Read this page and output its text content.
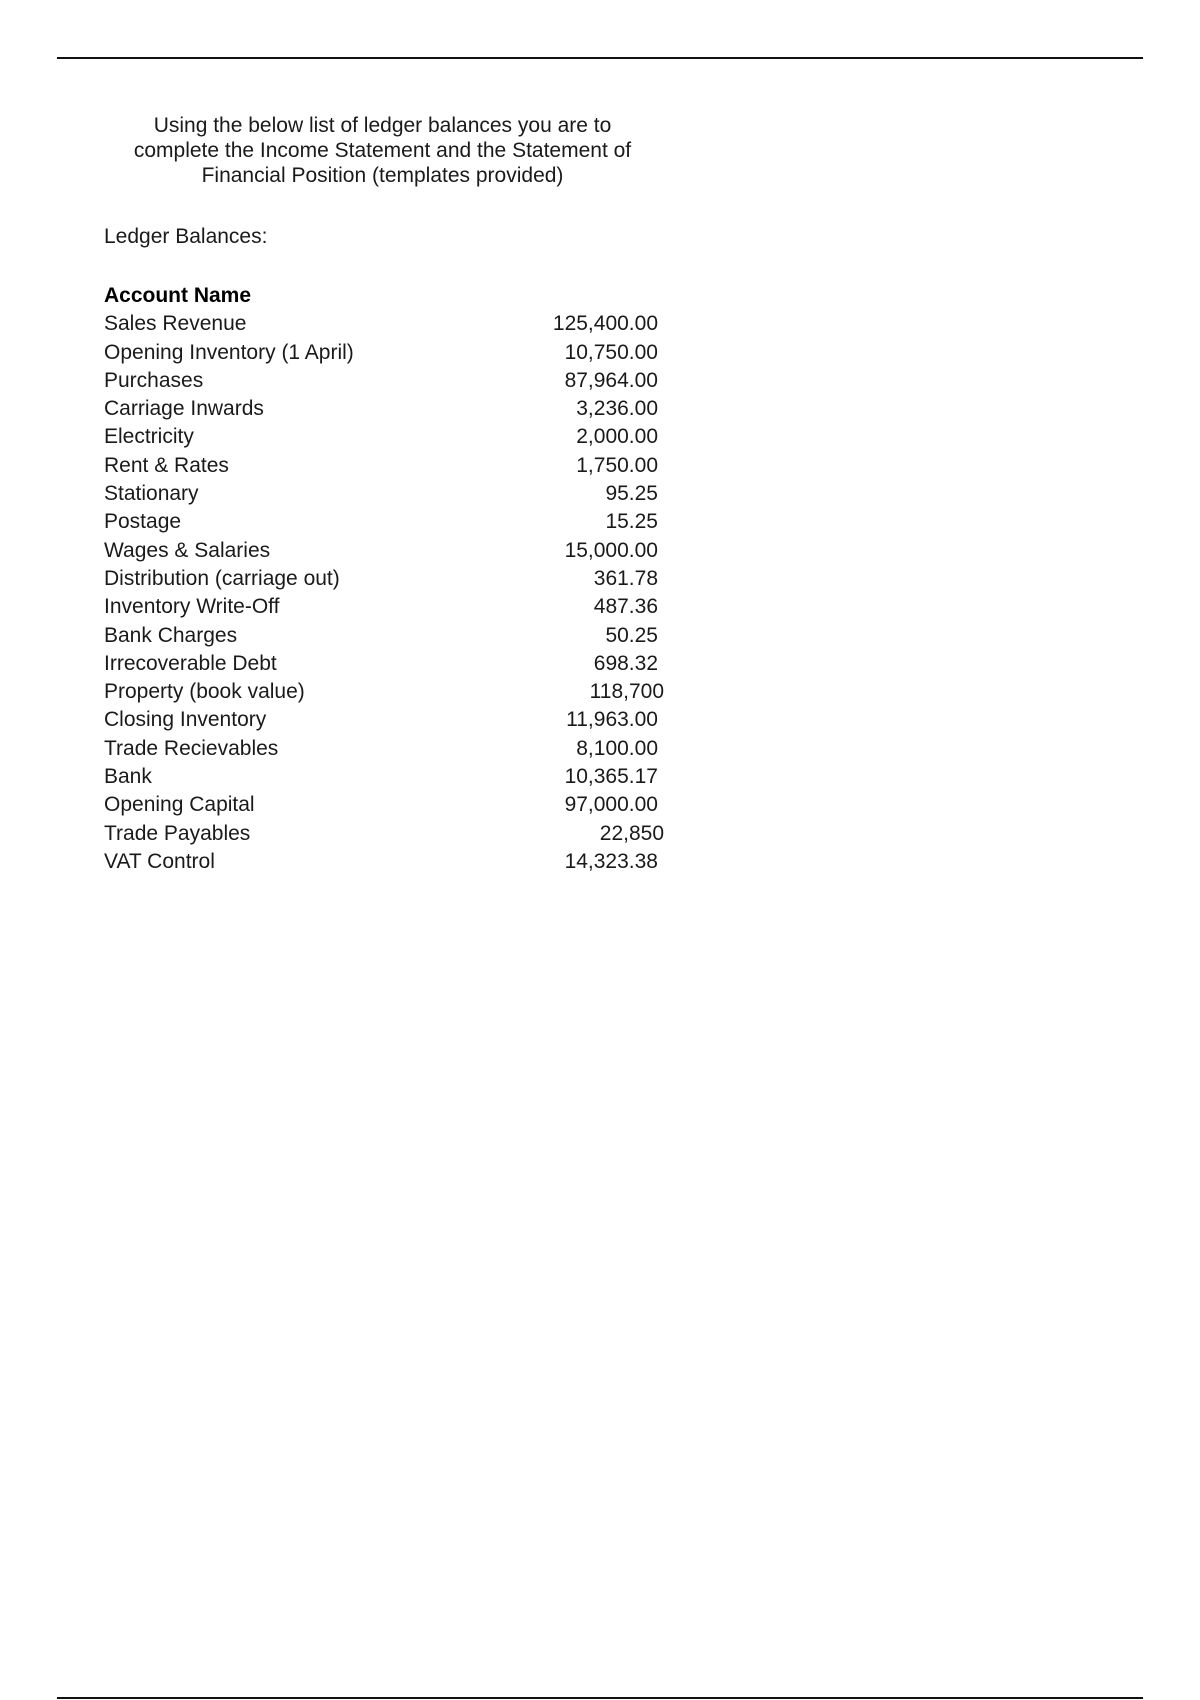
Using the below list of ledger balances you are to
complete the Income Statement and the Statement of
Financial Position (templates provided)
Ledger Balances:
Account Name	
Sales Revenue	125,400.00
Opening Inventory (1 April)	10,750.00
Purchases	87,964.00
Carriage Inwards	3,236.00
Electricity	2,000.00
Rent & Rates	1,750.00
Stationary	95.25
Postage	15.25
Wages & Salaries	15,000.00
Distribution (carriage out)	361.78
Inventory Write-Off	487.36
Bank Charges	50.25
Irrecoverable Debt	698.32
Property (book value)	118,700
Closing Inventory	11,963.00
Trade Recievables	8,100.00
Bank	10,365.17
Opening Capital	97,000.00
Trade Payables	22,850
VAT Control	14,323.38
